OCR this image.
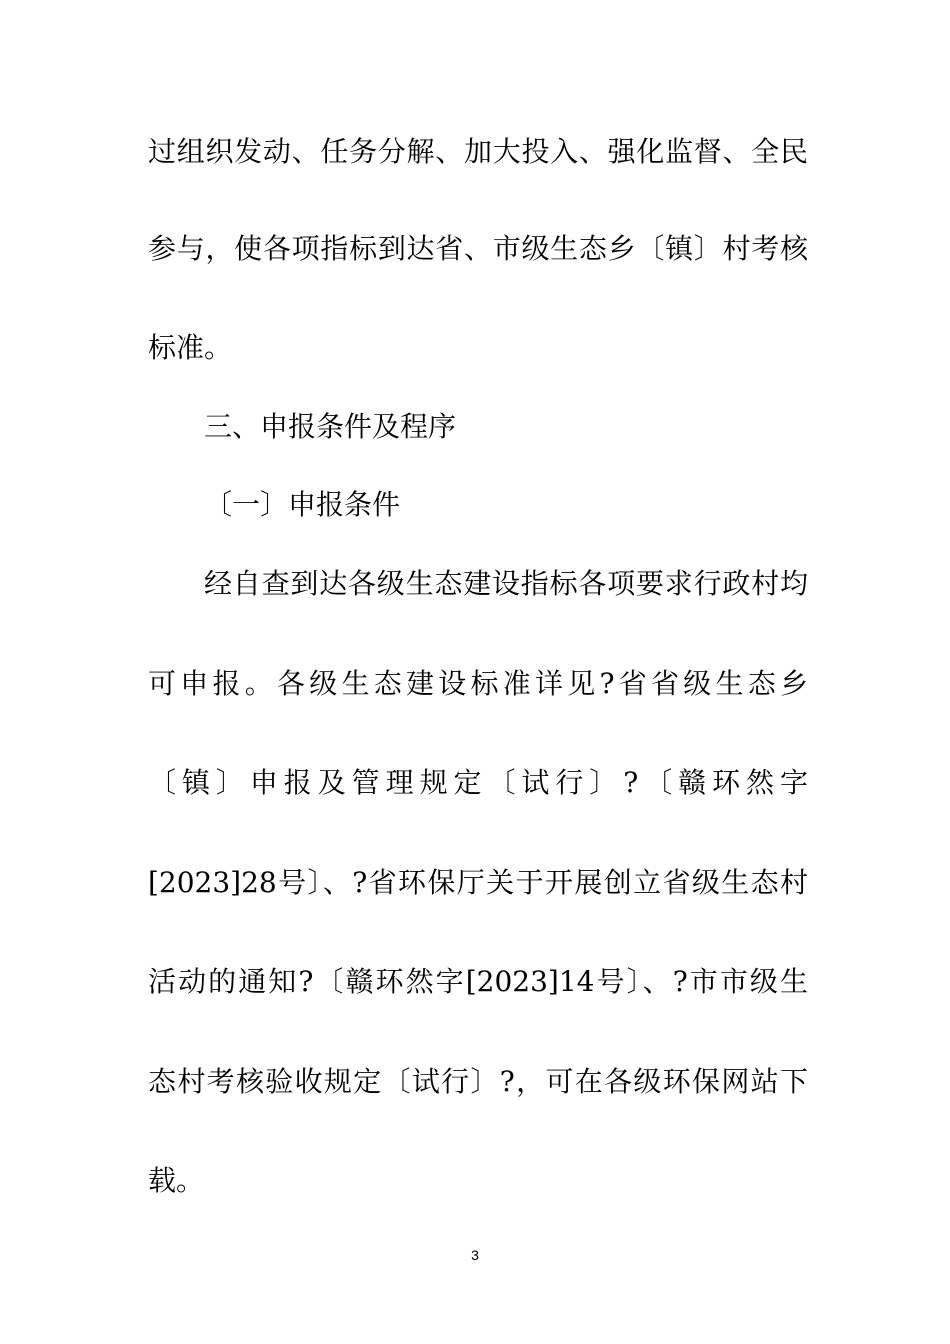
过组织发动、任务分解、加大投入、强化监督、全民
参与，使各项指标到达省、市级生态乡〔镇〕村考核
标准。
三、申报条件及程序
〔一〕申报条件
经自查到达各级生态建设指标各项要求行政村均
可申报。各级生态建设标准详见?省省级生态乡
〔镇〕申报及管理规定〔试行〕?〔赣环然字
[2023]28号〕、?省环保厅关于开展创立省级生态村
活动的通知?〔赣环然字[2023]14号〕、?市市级生
态村考核验收规定〔试行〕?，可在各级环保网站下
载。
3
